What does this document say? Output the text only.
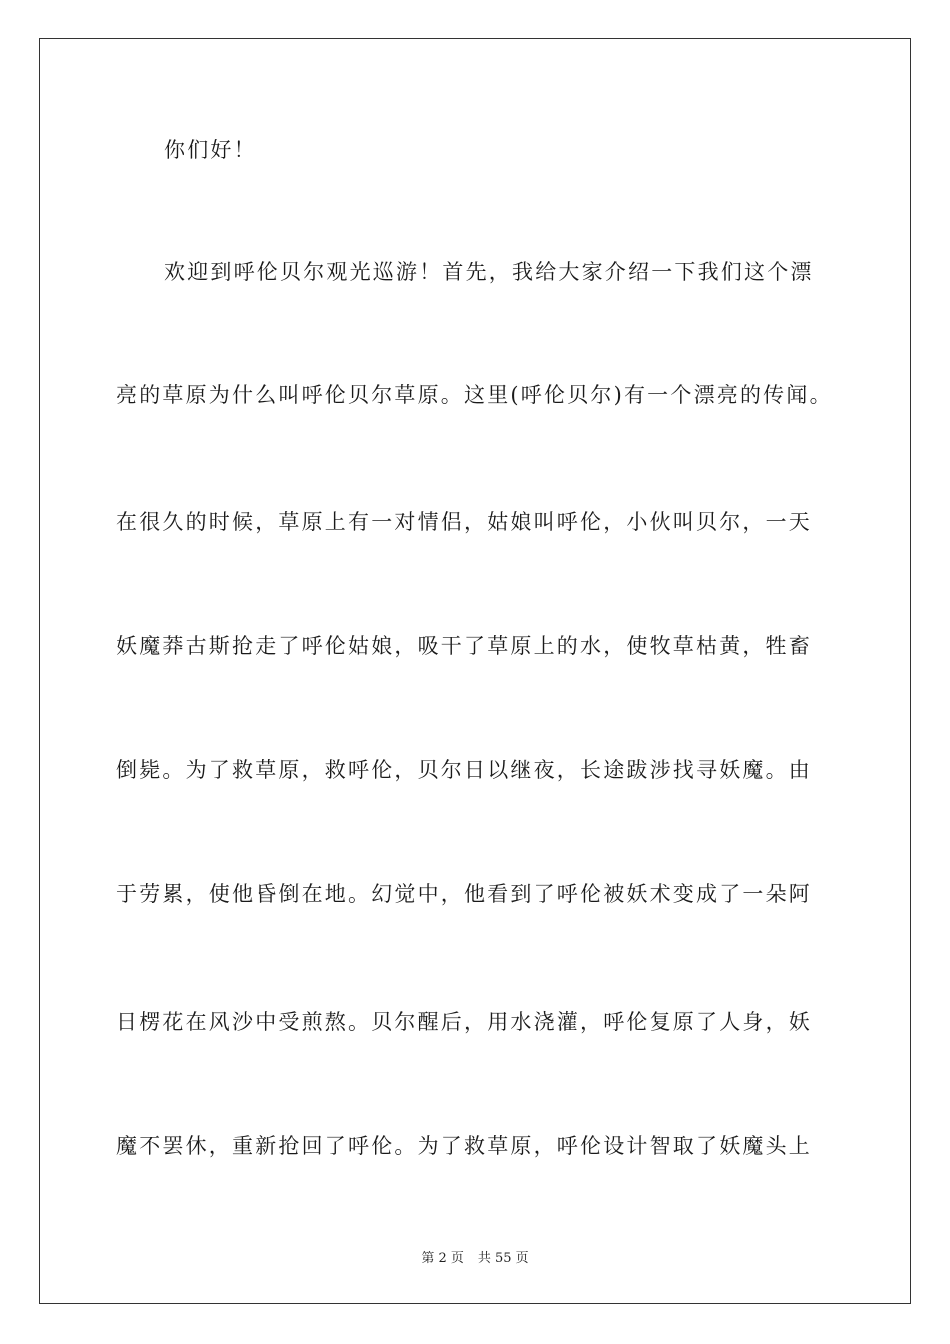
你们好！
欢迎到呼伦贝尔观光巡游！首先，我给大家介绍一下我们这个漂
亮的草原为什么叫呼伦贝尔草原。这里(呼伦贝尔)有一个漂亮的传闻。
在很久的时候，草原上有一对情侣，姑娘叫呼伦，小伙叫贝尔，一天
妖魔莽古斯抢走了呼伦姑娘，吸干了草原上的水，使牧草枯黄，牲畜
倒毙。为了救草原，救呼伦，贝尔日以继夜，长途跋涉找寻妖魔。由
于劳累，使他昏倒在地。幻觉中，他看到了呼伦被妖术变成了一朵阿
日楞花在风沙中受煎熬。贝尔醒后，用水浇灌，呼伦复原了人身，妖
魔不罢休，重新抢回了呼伦。为了救草原，呼伦设计智取了妖魔头上
第 2 页 共 55 页
